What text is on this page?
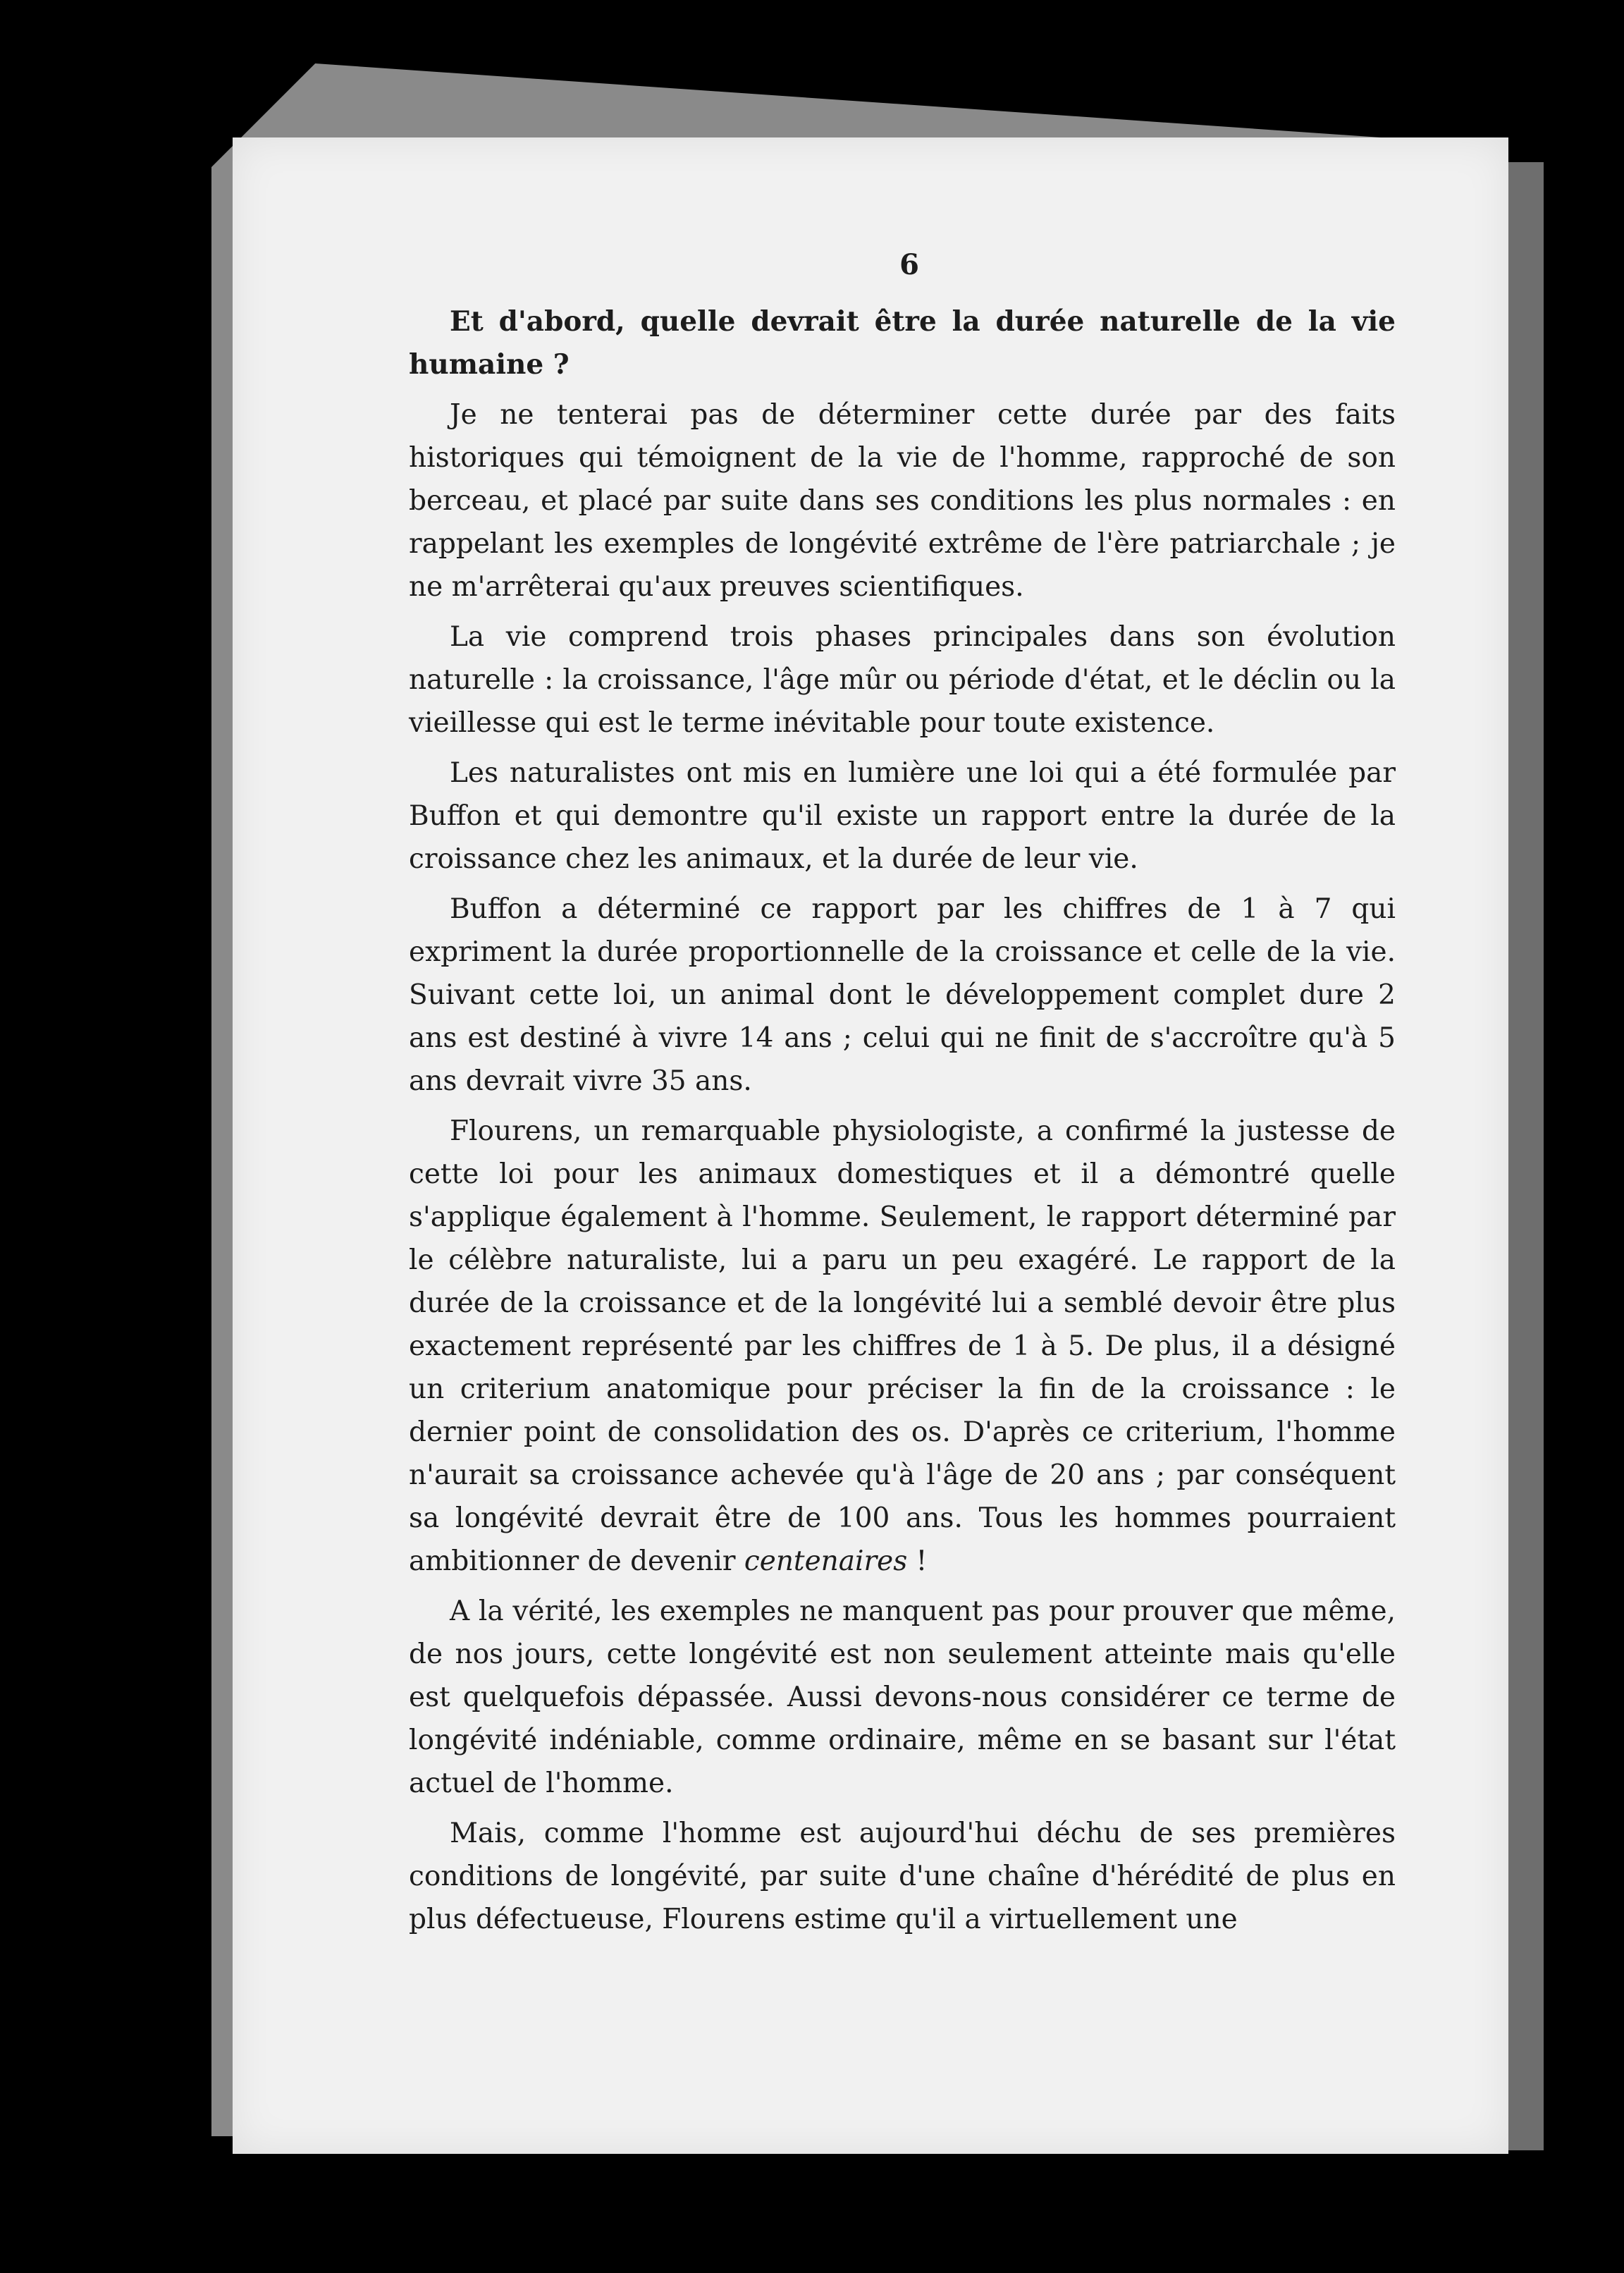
6

Et d'abord, quelle devrait être la durée naturelle de la vie humaine ?

Je ne tenterai pas de déterminer cette durée par des faits historiques qui témoignent de la vie de l'homme, rapproché de son berceau, et placé par suite dans ses conditions les plus normales : en rappelant les exemples de longévité extrême de l'ère patriarchale ; je ne m'arrêterai qu'aux preuves scientifiques.

La vie comprend trois phases principales dans son évolution naturelle : la croissance, l'âge mûr ou période d'état, et le déclin ou la vieillesse qui est le terme inévitable pour toute existence.

Les naturalistes ont mis en lumière une loi qui a été formulée par Buffon et qui demontre qu'il existe un rapport entre la durée de la croissance chez les animaux, et la durée de leur vie.

Buffon a déterminé ce rapport par les chiffres de 1 à 7 qui expriment la durée proportionnelle de la croissance et celle de la vie. Suivant cette loi, un animal dont le développement complet dure 2 ans est destiné à vivre 14 ans ; celui qui ne finit de s'accroître qu'à 5 ans devrait vivre 35 ans.

Flourens, un remarquable physiologiste, a confirmé la justesse de cette loi pour les animaux domestiques et il a démontré quelle s'applique également à l'homme. Seulement, le rapport déterminé par le célèbre naturaliste, lui a paru un peu exagéré. Le rapport de la durée de la croissance et de la longévité lui a semblé devoir être plus exactement représenté par les chiffres de 1 à 5. De plus, il a désigné un criterium anatomique pour préciser la fin de la croissance : le dernier point de consolidation des os. D'après ce criterium, l'homme n'aurait sa croissance achevée qu'à l'âge de 20 ans ; par conséquent sa longévité devrait être de 100 ans. Tous les hommes pourraient ambitionner de devenir centenaires !

A la vérité, les exemples ne manquent pas pour prouver que même, de nos jours, cette longévité est non seulement atteinte mais qu'elle est quelquefois dépassée. Aussi devons-nous considérer ce terme de longévité indéniable, comme ordinaire, même en se basant sur l'état actuel de l'homme.

Mais, comme l'homme est aujourd'hui déchu de ses premières conditions de longévité, par suite d'une chaîne d'hérédité de plus en plus défectueuse, Flourens estime qu'il a virtuellement une
